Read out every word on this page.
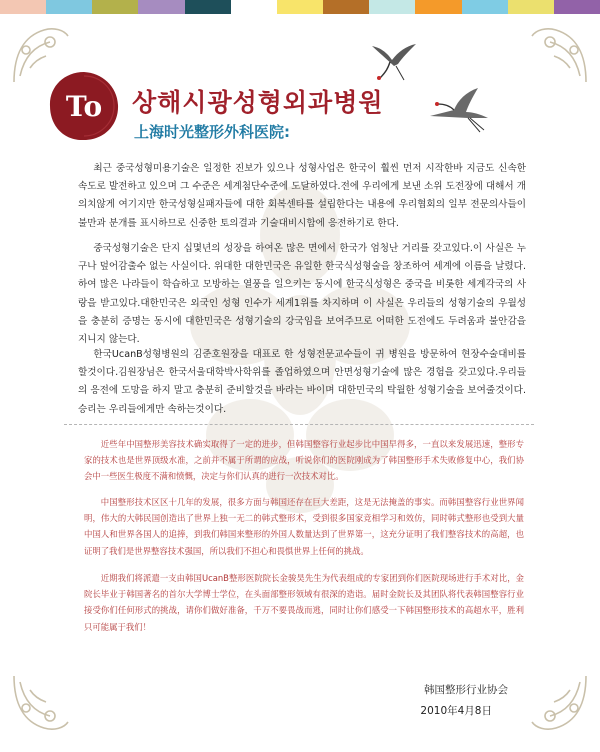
To 상해시광성형외과병원
上海时光整形外科医院:

최근 중국성형미용기술은 일정한 진보가 있으나 성형사업은 한국이 훨씬 먼저 시작한바 지금도 신속한 속도로 발전하고 있으며 그 수준은 세계첨단수준에 도달하였다.전에 우리에게 보낸 소위 도전장에 대해서 개의치않게 여기지만 한국성형실패자들에 대한 회복센타를 설립한다는 내용에 우리협회의 일부 전문의사들이 불만과 분개를 표시하므로 신중한 토의결과 기술대비시합에 응전하기로 한다.

중국성형기술은 단지 십몇년의 성장을 하여온 많은 면에서 한국가 엄청난 거리를 갖고있다.이 사실은 누구나 덮어감출수 없는 사실이다. 위대한 대한민국은 유일한 한국식성형술을 창조하여 세계에 이름을 날렸다.하여 많은 나라들이 학습하고 모방하는 열풍을 일으키는 동시에 한국식성형은 중국을 비롯한 세계각국의 사랑을 받고있다.대한민국은 외국인 성형 인수가 세계1위를 차지하며 이 사실은 우리들의 성형기술의 우월성을 충분히 증명는 동시에 대한민국은 성형기술의 강국임을 보여주므로 어떠한 도전에도 두려움과 불안감을 지니지 않는다.

한국UcanB성형병원의 김준호원장을 대표로 한 성형전문교수들이 귀 병원을 방문하여 현장수술대비를 할것이다.김원장님은 한국서울대학박사학위를 졸업하였으며 안면성형기술에 많은 경험을 갖고있다.우리들의 응전에 도망을 하지 말고 충분히 준비할것을 바라는 바이며 대한민국의 탁월한 성형기술을 보여줄것이다.승리는 우리들에게만 속하는것이다.

近些年中国整形美容技术确实取得了一定的进步，但韩国整容行业起步比中国早得多，一直以来发展迅速，整形专家的技术也是世界顶级水准，之前并不属于所谓的应战，听说你们的医院刚成为了韩国整形手术失败修复中心，我们协会中一些医生极度不满和愤慨，决定与你们认真的进行一次技术对比。

中国整形技术区区十几年的发展，很多方面与韩国还存在巨大差距，这是无法掩盖的事实。而韩国整容行业世界闻明，伟大的大韩民国创造出了世界上独一无二的韩式整形术，受到很多国家竞相学习和效仿，同时韩式整形也受到大量中国人和世界各国人的追捧，到我们韩国来整形的外国人数量达到了世界第一，这充分证明了我们整容技术的高超，也证明了我们是世界整容技术强国，所以我们不担心和畏惧世界上任何的挑战。

近期我们将派遣一支由韩国UcanB整形医院院长金骏昊先生为代表组成的专家团到你们医院现场进行手术对比，金院长毕业于韩国著名的首尔大学博士学位，在头面部整形领域有很深的造诣。届时金院长及其团队将代表韩国整容行业接受你们任何形式的挑战，请你们做好准备，千万不要畏战而逃，同时让你们感受一下韩国整形技术的高超水平，胜利只可能属于我们！

韩国整形行业协会
2010年4月8日
